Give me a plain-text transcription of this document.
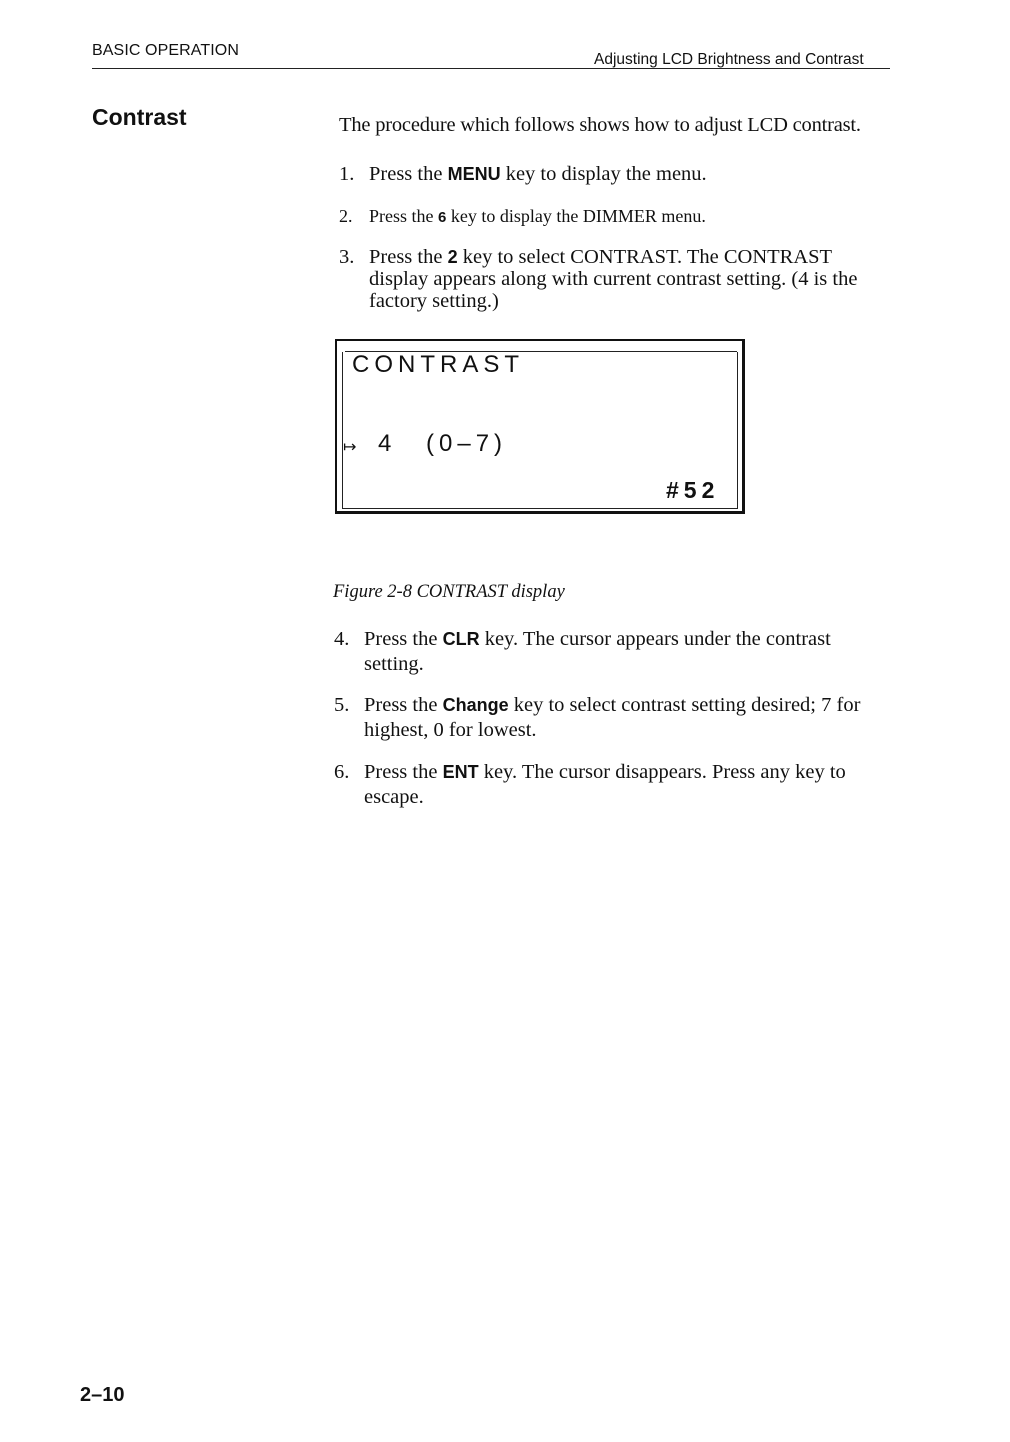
BASIC OPERATION
Adjusting LCD Brightness and Contrast
Contrast	The procedure which follows shows how to adjust LCD contrast.
1. Press the MENU key to display the menu.
2. Press the 6 key to display the DIMMER menu.
3. Press the 2 key to select CONTRAST. The CONTRAST display appears along with current contrast setting. (4 is the factory setting.)
CONTRAST
↦ 4 (0–7)
#52
Figure 2-8 CONTRAST display
4. Press the CLR key. The cursor appears under the contrast setting.
5. Press the Change key to select contrast setting desired; 7 for highest, 0 for lowest.
6. Press the ENT key. The cursor disappears. Press any key to escape.
2–10
